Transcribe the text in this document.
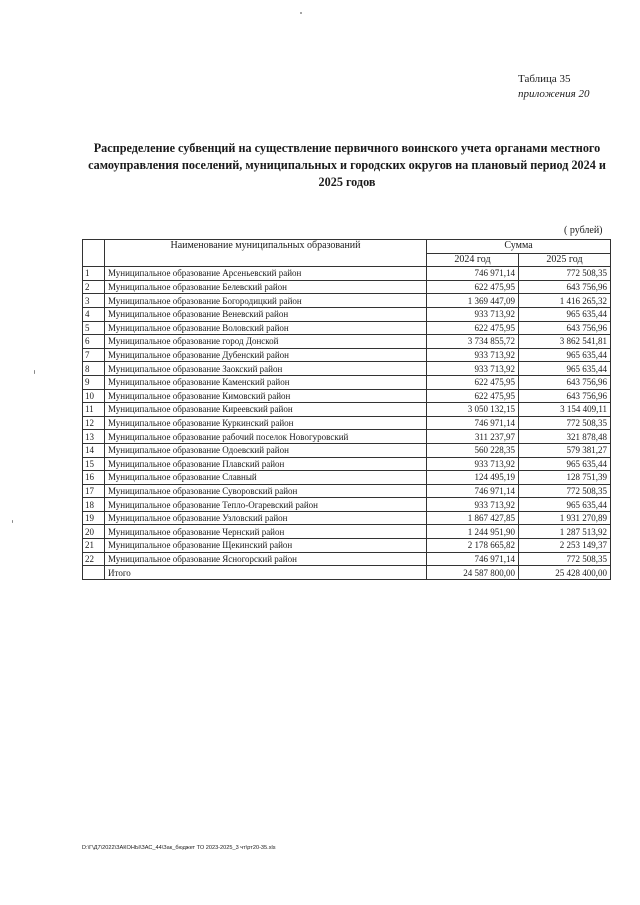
Таблица 35
приложения 20
Распределение субвенций на существление первичного воинского учета органами местного самоуправления поселений, муниципальных и городских округов на плановый период 2024 и 2025 годов
( рублей)
	Наименование муниципальных образований	Сумма	
		2024 год	2025 год
1	Муниципальное образование Арсеньевский район	746 971,14	772 508,35
2	Муниципальное образование Белевский район	622 475,95	643 756,96
3	Муниципальное образование Богородицкий район	1 369 447,09	1 416 265,32
4	Муниципальное образование Веневский район	933 713,92	965 635,44
5	Муниципальное образование Воловский район	622 475,95	643 756,96
6	Муниципальное образование город Донской	3 734 855,72	3 862 541,81
7	Муниципальное образование Дубенский район	933 713,92	965 635,44
8	Муниципальное образование Заокский район	933 713,92	965 635,44
9	Муниципальное образование Каменский район	622 475,95	643 756,96
10	Муниципальное образование Кимовский район	622 475,95	643 756,96
11	Муниципальное образование Киреевский район	3 050 132,15	3 154 409,11
12	Муниципальное образование Куркинский район	746 971,14	772 508,35
13	Муниципальное образование рабочий поселок Новогуровский	311 237,97	321 878,48
14	Муниципальное образование Одоевский район	560 228,35	579 381,27
15	Муниципальное образование Плавский район	933 713,92	965 635,44
16	Муниципальное образование Славный	124 495,19	128 751,39
17	Муниципальное образование Суворовский район	746 971,14	772 508,35
18	Муниципальное образование Тепло-Огаревский район	933 713,92	965 635,44
19	Муниципальное образование Узловский район	1 867 427,85	1 931 270,89
20	Муниципальное образование Чернский район	1 244 951,90	1 287 513,92
21	Муниципальное образование Щекинский район	2 178 665,82	2 253 149,37
22	Муниципальное образование Ясногорский район	746 971,14	772 508,35
	Итого	24 587 800,00	25 428 400,00
D:\Г\Д7\2022\ЗАКОНЫ\ЗАС_44\Зак_бюджет ТО 2023-2025_3 чт\рт20-35.xls
